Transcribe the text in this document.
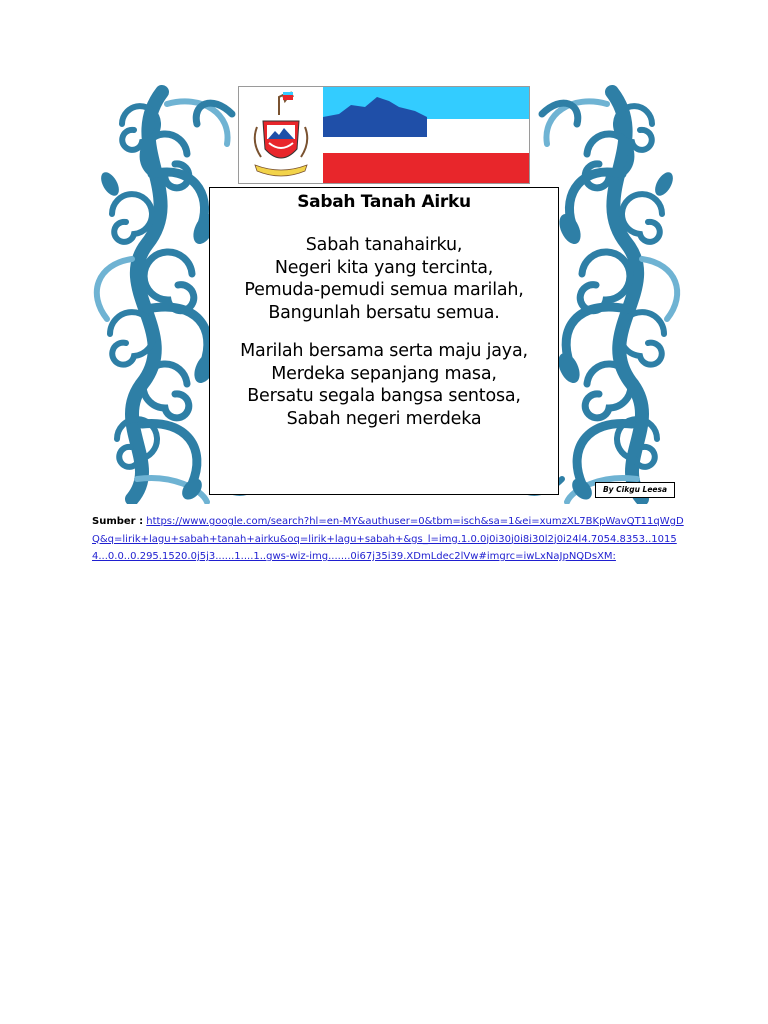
Sabah Tanah Airku
Sabah tanahairku,
Negeri kita yang tercinta,
Pemuda-pemudi semua marilah,
Bangunlah bersatu semua.
Marilah bersama serta maju jaya,
Merdeka sepanjang masa,
Bersatu segala bangsa sentosa,
Sabah negeri merdeka
By Cikgu Leesa
Sumber : https://www.google.com/search?hl=en-MY&authuser=0&tbm=isch&sa=1&ei=xumzXL7BKpWavQT11qWgDQ&q=lirik+lagu+sabah+tanah+airku&oq=lirik+lagu+sabah+&gs_l=img.1.0.0j0i30j0i8i30l2j0i24l4.7054.8353..10154...0.0..0.295.1520.0j5j3......1....1..gws-wiz-img.......0i67j35i39.XDmLdec2lVw#imgrc=iwLxNaJpNQDsXM:
